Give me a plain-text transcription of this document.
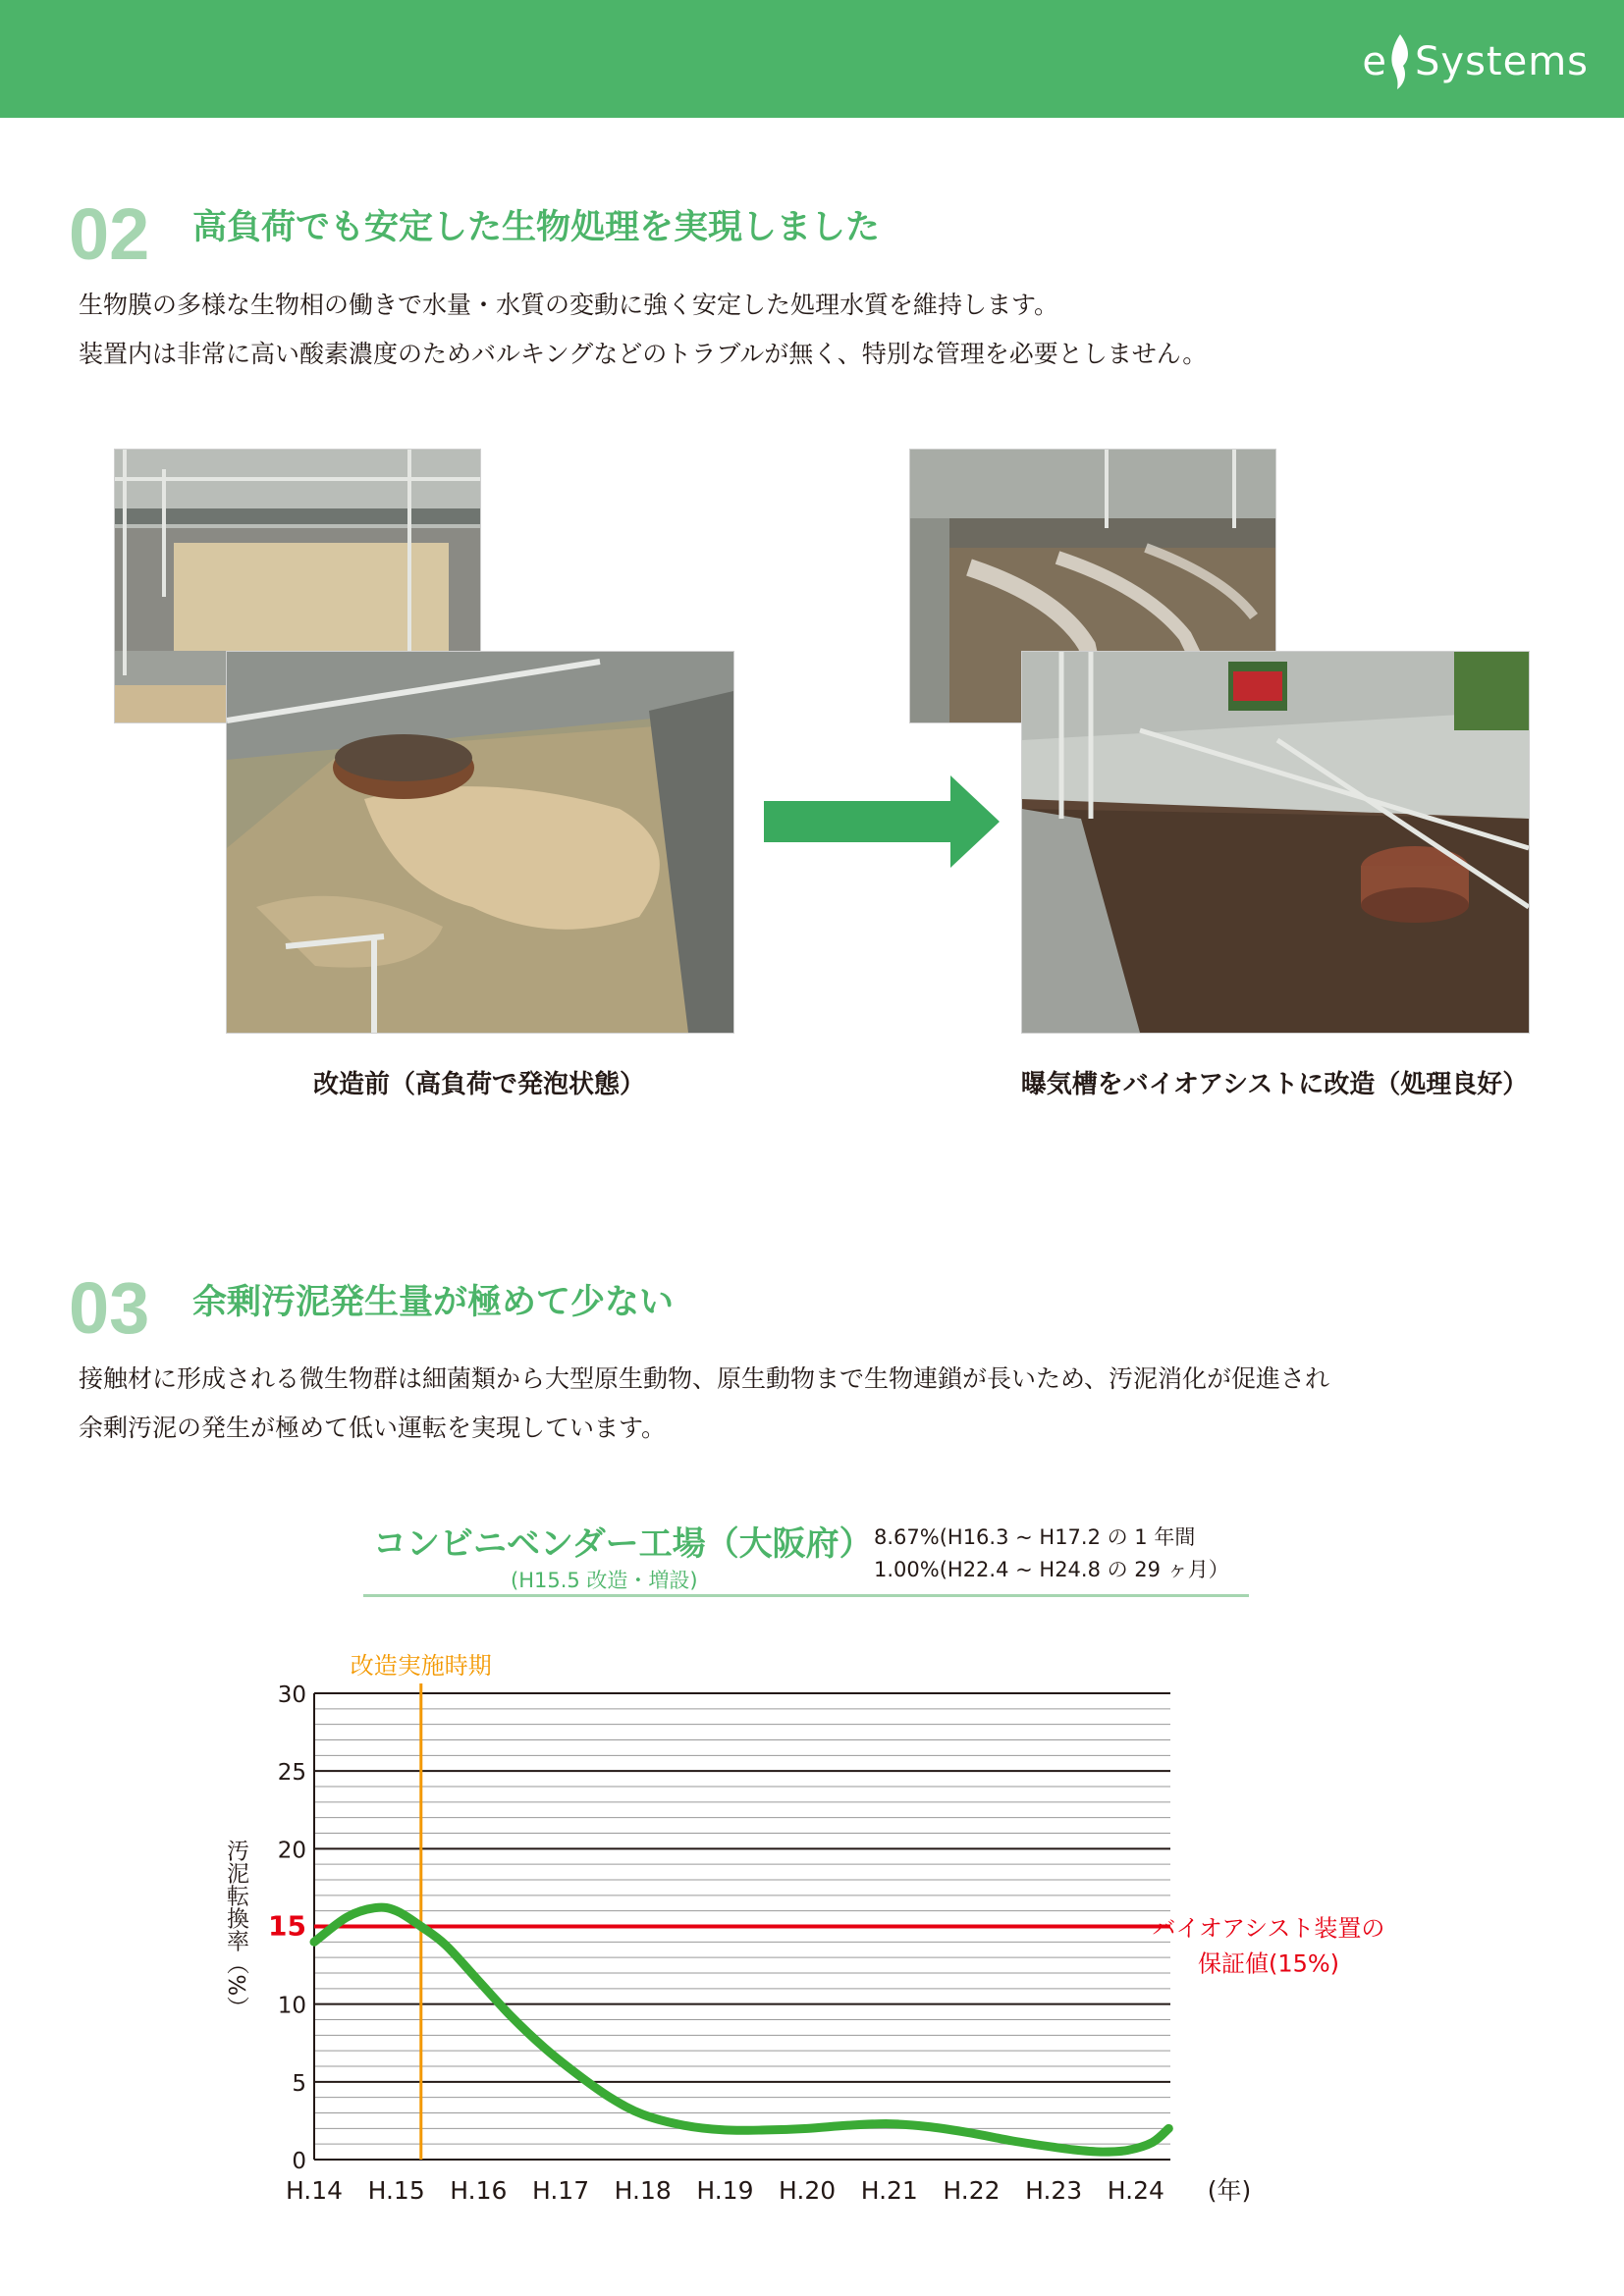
e Systems
02 高負荷でも安定した生物処理を実現しました
生物膜の多様な生物相の働きで水量・水質の変動に強く安定した処理水質を維持します。
装置内は非常に高い酸素濃度のためバルキングなどのトラブルが無く、特別な管理を必要としません。
改造前（高負荷で発泡状態）	曝気槽をバイオアシストに改造（処理良好）
03 余剰汚泥発生量が極めて少ない
接触材に形成される微生物群は細菌類から大型原生動物、原生動物まで生物連鎖が長いため、汚泥消化が促進され
余剰汚泥の発生が極めて低い運転を実現しています。
コンビニベンダー工場（大阪府）
(H15.5 改造・増設)
8.67%(H16.3 ~ H17.2 の 1 年間
1.00%(H22.4 ~ H24.8 の 29 ヶ月）
0
5
10
15
20
25
30
H.14 H.15 H.16 H.17 H.18 H.19 H.20 H.21 H.22 H.23 H.24 (年)
汚泥転換率（%）	バイオアシスト装置の
保証値(15%)
改造実施時期
